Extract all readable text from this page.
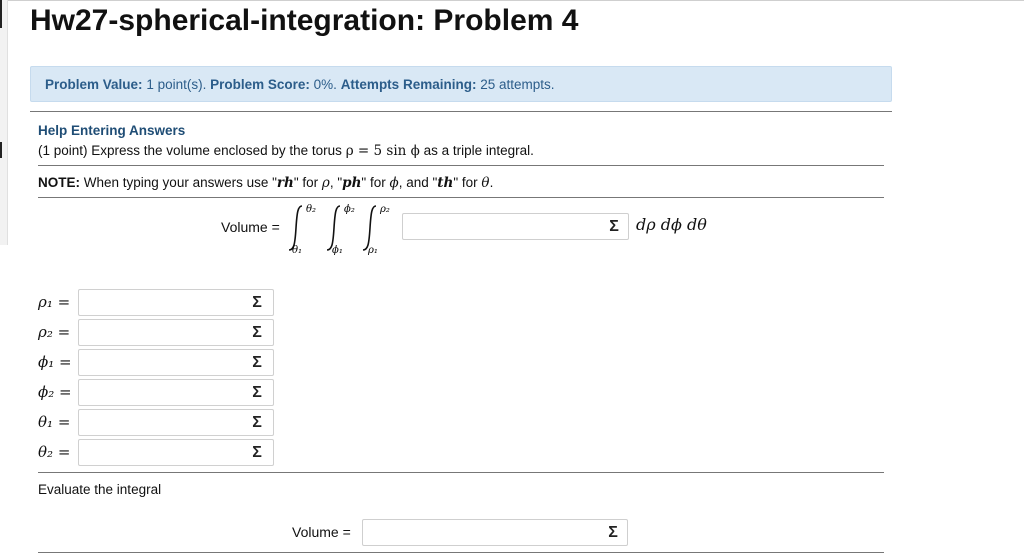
Hw27-spherical-integration: Problem 4
Problem Value: 1 point(s). Problem Score: 0%. Attempts Remaining: 25 attempts.
Help Entering Answers
(1 point) Express the volume enclosed by the torus ρ = 5 sin ϕ as a triple integral.
NOTE: When typing your answers use "rh" for ρ, "ph" for ϕ, and "th" for θ.
Volume =
θ₂
θ₁
ϕ₂
ϕ₁
ρ₂
ρ₁
Σ	dρ dϕ dθ
ρ₁ =	Σ
ρ₂ =	Σ
ϕ₁ =	Σ
ϕ₂ =	Σ
θ₁ =	Σ
θ₂ =	Σ
Evaluate the integral
Volume =	Σ
